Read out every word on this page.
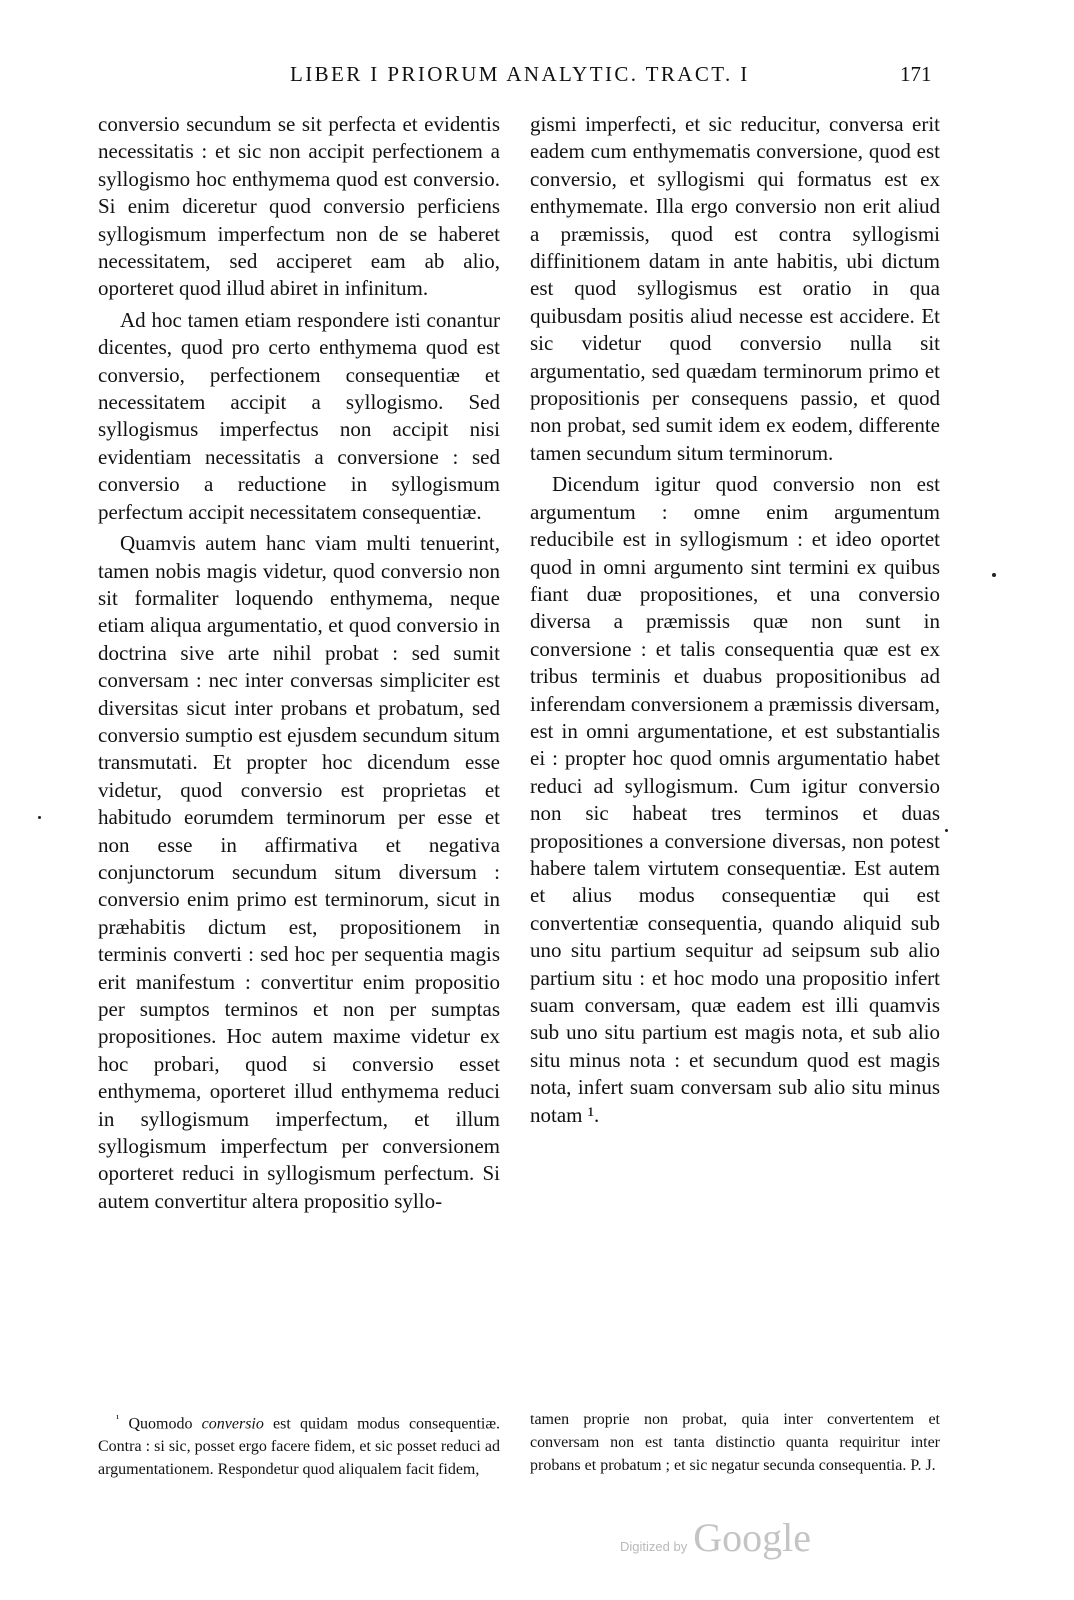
LIBER I PRIORUM ANALYTIC. TRACT. I	171

conversio secundum se sit perfecta et evidentis necessitatis : et sic non accipit perfectionem a syllogismo hoc enthymema quod est conversio. Si enim diceretur quod conversio perficiens syllogismum imperfectum non de se haberet necessitatem, sed acciperet eam ab alio, oporteret quod illud abiret in infinitum.

Ad hoc tamen etiam respondere isti conantur dicentes, quod pro certo enthymema quod est conversio, perfectionem consequentiæ et necessitatem accipit a syllogismo. Sed syllogismus imperfectus non accipit nisi evidentiam necessitatis a conversione : sed conversio a reductione in syllogismum perfectum accipit necessitatem consequentiæ.

Quamvis autem hanc viam multi tenuerint, tamen nobis magis videtur, quod conversio non sit formaliter loquendo enthymema, neque etiam aliqua argumentatio, et quod conversio in doctrina sive arte nihil probat : sed sumit conversam : nec inter conversas simpliciter est diversitas sicut inter probans et probatum, sed conversio sumptio est ejusdem secundum situm transmutati. Et propter hoc dicendum esse videtur, quod conversio est proprietas et habitudo eorumdem terminorum per esse et non esse in affirmativa et negativa conjunctorum secundum situm diversum : conversio enim primo est terminorum, sicut in præhabitis dictum est, propositionem in terminis converti : sed hoc per sequentia magis erit manifestum : convertitur enim propositio per sumptos terminos et non per sumptas propositiones. Hoc autem maxime videtur ex hoc probari, quod si conversio esset enthymema, oporteret illud enthymema reduci in syllogismum imperfectum, et illum syllogismum imperfectum per conversionem oporteret reduci in syllogismum perfectum. Si autem convertitur altera propositio syllo-

gismi imperfecti, et sic reducitur, conversa erit eadem cum enthymematis conversione, quod est conversio, et syllogismi qui formatus est ex enthymemate. Illa ergo conversio non erit aliud a præmissis, quod est contra syllogismi diffinitionem datam in ante habitis, ubi dictum est quod syllogismus est oratio in qua quibusdam positis aliud necesse est accidere. Et sic videtur quod conversio nulla sit argumentatio, sed quædam terminorum primo et propositionis per consequens passio, et quod non probat, sed sumit idem ex eodem, differente tamen secundum situm terminorum.

Dicendum igitur quod conversio non est argumentum : omne enim argumentum reducibile est in syllogismum : et ideo oportet quod in omni argumento sint termini ex quibus fiant duæ propositiones, et una conversio diversa a præmissis quæ non sunt in conversione : et talis consequentia quæ est ex tribus terminis et duabus propositionibus ad inferendam conversionem a præmissis diversam, est in omni argumentatione, et est substantialis ei : propter hoc quod omnis argumentatio habet reduci ad syllogismum. Cum igitur conversio non sic habeat tres terminos et duas propositiones a conversione diversas, non potest habere talem virtutem consequentiæ. Est autem et alius modus consequentiæ qui est convertentiæ consequentia, quando aliquid sub uno situ partium sequitur ad seipsum sub alio partium situ : et hoc modo una propositio infert suam conversam, quæ eadem est illi quamvis sub uno situ partium est magis nota, et sub alio situ minus nota : et secundum quod est magis nota, infert suam conversam sub alio situ minus notam ¹.

$^{^1}$ Quomodo conversio est quidam modus consequentiæ. Contra : si sic, posset ergo facere fidem, et sic posset reduci ad argumentationem. Respondetur quod aliqualem facit fidem,
tamen proprie non probat, quia inter convertentem et conversam non est tanta distinctio quanta requiritur inter probans et probatum ; et sic negatur secunda consequentia. P. J.
Digitized by Google
